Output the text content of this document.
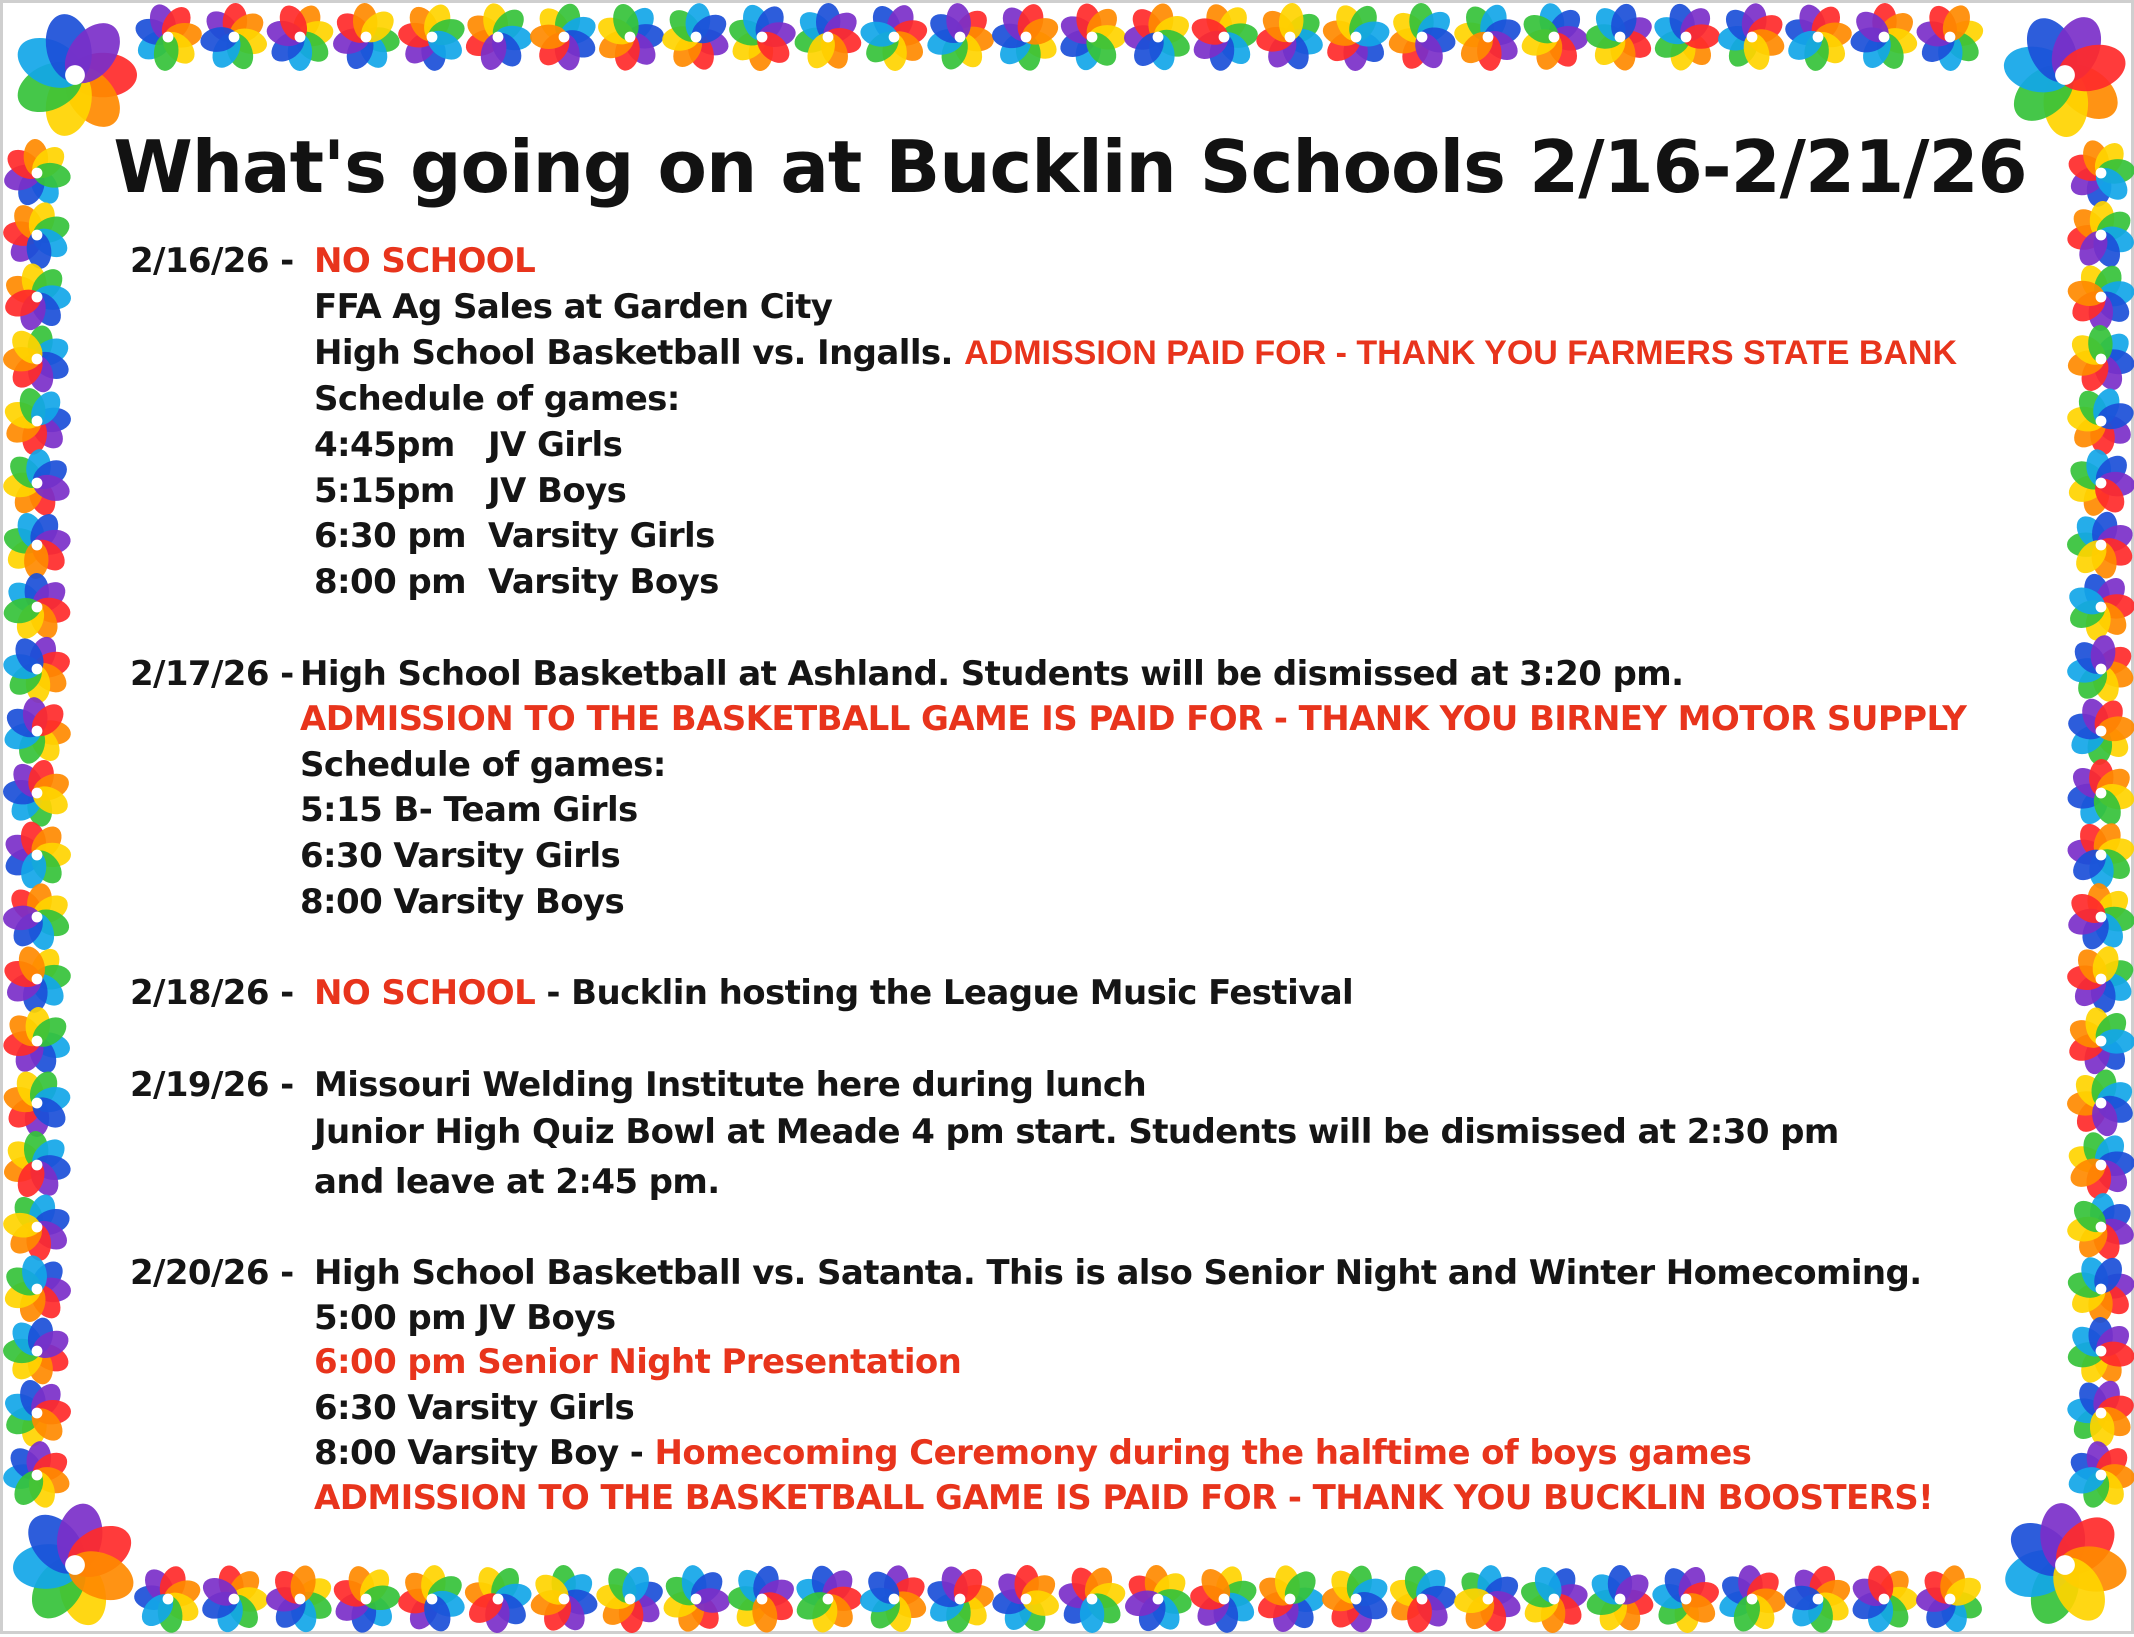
What's going on at Bucklin Schools 2/16-2/21/26
2/16/26 - NO SCHOOL
FFA Ag Sales at Garden City
High School Basketball vs. Ingalls. ADMISSION PAID FOR - THANK YOU FARMERS STATE BANK
Schedule of games:
4:45pm JV Girls
5:15pm JV Boys
6:30 pm Varsity Girls
8:00 pm Varsity Boys
2/17/26 - High School Basketball at Ashland. Students will be dismissed at 3:20 pm.
ADMISSION TO THE BASKETBALL GAME IS PAID FOR - THANK YOU BIRNEY MOTOR SUPPLY
Schedule of games:
5:15 B- Team Girls
6:30 Varsity Girls
8:00 Varsity Boys
2/18/26 - NO SCHOOL - Bucklin hosting the League Music Festival
2/19/26 - Missouri Welding Institute here during lunch
Junior High Quiz Bowl at Meade 4 pm start. Students will be dismissed at 2:30 pm
and leave at 2:45 pm.
2/20/26 - High School Basketball vs. Satanta. This is also Senior Night and Winter Homecoming.
5:00 pm JV Boys
6:00 pm Senior Night Presentation
6:30 Varsity Girls
8:00 Varsity Boy - Homecoming Ceremony during the halftime of boys games
ADMISSION TO THE BASKETBALL GAME IS PAID FOR - THANK YOU BUCKLIN BOOSTERS!
